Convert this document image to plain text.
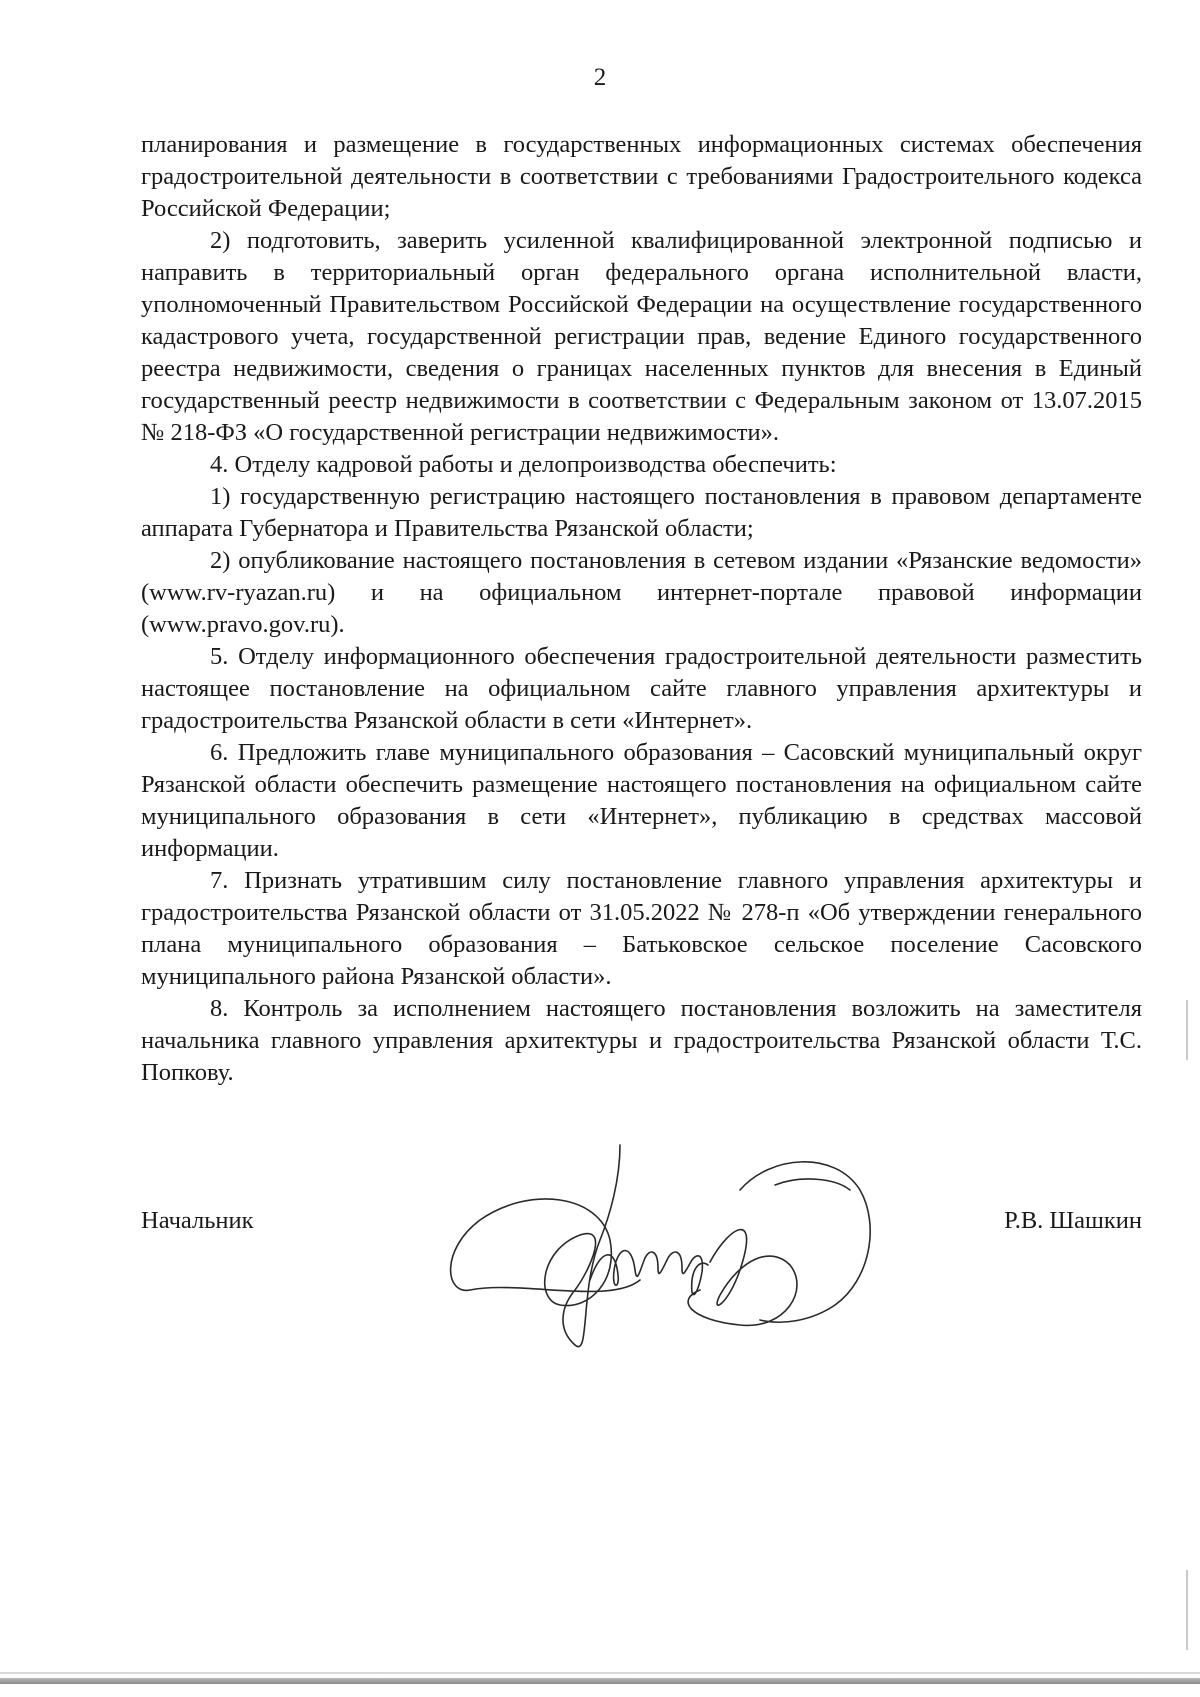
2

планирования и размещение в государственных информационных системах обеспечения градостроительной деятельности в соответствии с требованиями Градостроительного кодекса Российской Федерации;

2) подготовить, заверить усиленной квалифицированной электронной подписью и направить в территориальный орган федерального органа исполнительной власти, уполномоченный Правительством Российской Федерации на осуществление государственного кадастрового учета, государственной регистрации прав, ведение Единого государственного реестра недвижимости, сведения о границах населенных пунктов для внесения в Единый государственный реестр недвижимости в соответствии с Федеральным законом от 13.07.2015 № 218-ФЗ «О государственной регистрации недвижимости».

4. Отделу кадровой работы и делопроизводства обеспечить:

1) государственную регистрацию настоящего постановления в правовом департаменте аппарата Губернатора и Правительства Рязанской области;

2) опубликование настоящего постановления в сетевом издании «Рязанские ведомости» (www.rv-ryazan.ru) и на официальном интернет-портале правовой информации (www.pravo.gov.ru).

5. Отделу информационного обеспечения градостроительной деятельности разместить настоящее постановление на официальном сайте главного управления архитектуры и градостроительства Рязанской области в сети «Интернет».

6. Предложить главе муниципального образования – Сасовский муниципальный округ Рязанской области обеспечить размещение настоящего постановления на официальном сайте муниципального образования в сети «Интернет», публикацию в средствах массовой информации.

7. Признать утратившим силу постановление главного управления архитектуры и градостроительства Рязанской области от 31.05.2022 № 278-п «Об утверждении генерального плана муниципального образования – Батьковское сельское поселение Сасовского муниципального района Рязанской области».

8. Контроль за исполнением настоящего постановления возложить на заместителя начальника главного управления архитектуры и градостроительства Рязанской области Т.С. Попкову.

Начальник	Р.В. Шашкин
